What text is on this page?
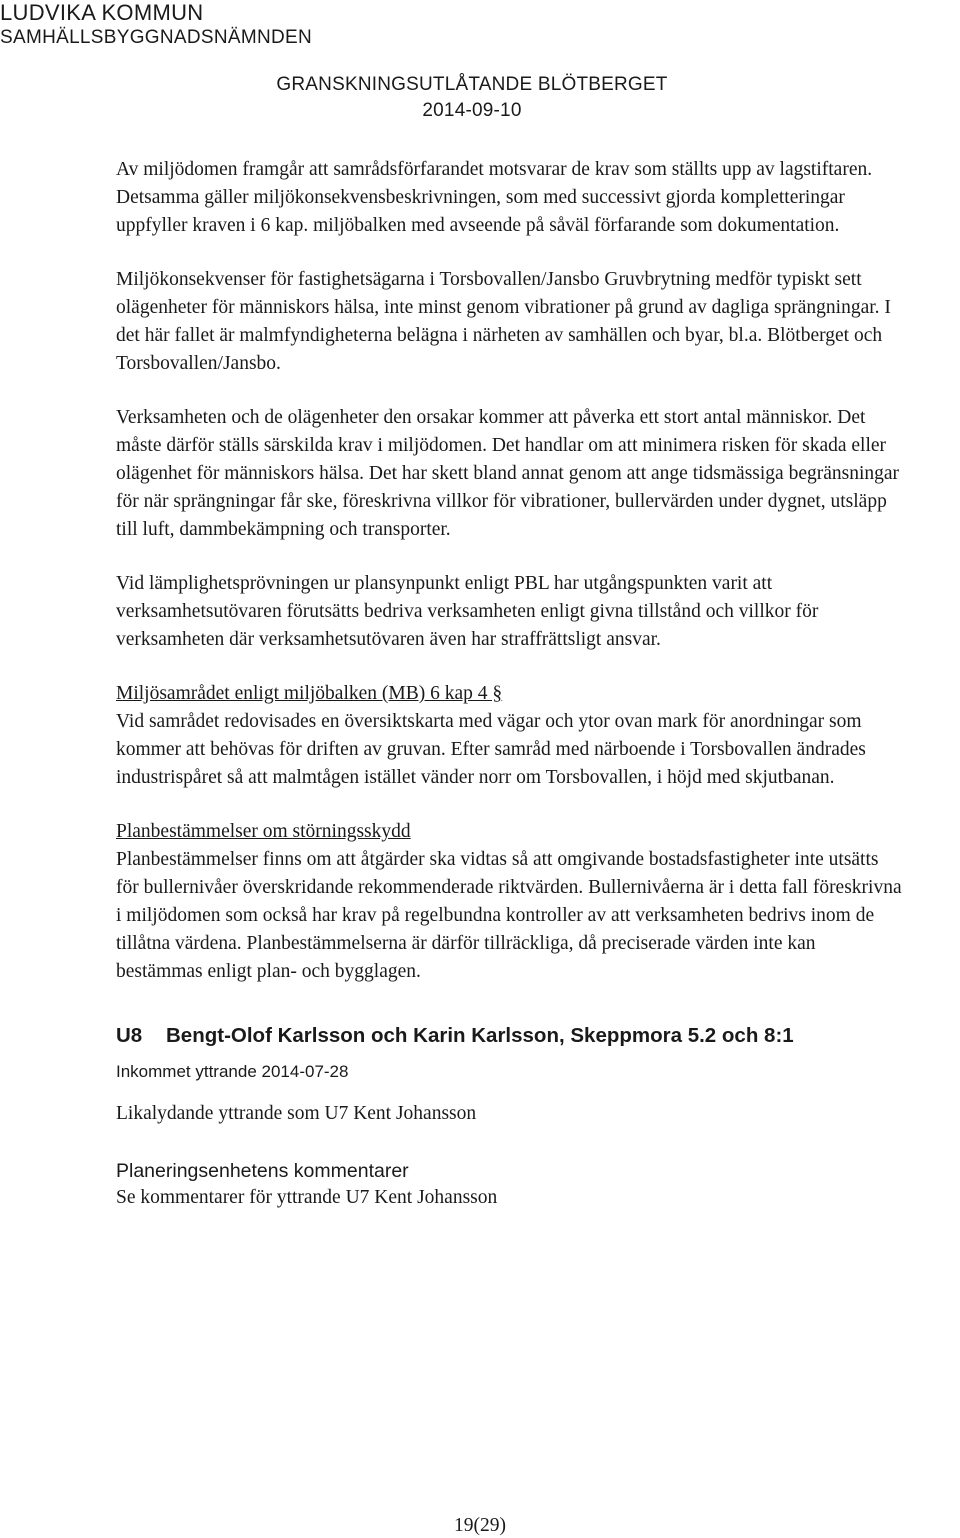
LUDVIKA KOMMUN
SAMHÄLLSBYGGNADSNÄMNDEN
GRANSKNINGSUTLÅTANDE BLÖTBERGET
2014-09-10

Av miljödomen framgår att samrådsförfarandet motsvarar de krav som ställts upp av lagstiftaren. Detsamma gäller miljökonsekvensbeskrivningen, som med successivt gjorda kompletteringar uppfyller kraven i 6 kap. miljöbalken med avseende på såväl förfarande som dokumentation.

Miljökonsekvenser för fastighetsägarna i Torsbovallen/Jansbo Gruvbrytning medför typiskt sett olägenheter för människors hälsa, inte minst genom vibrationer på grund av dagliga sprängningar. I det här fallet är malmfyndigheterna belägna i närheten av samhällen och byar, bl.a. Blötberget och Torsbovallen/Jansbo.

Verksamheten och de olägenheter den orsakar kommer att påverka ett stort antal människor. Det måste därför ställs särskilda krav i miljödomen. Det handlar om att minimera risken för skada eller olägenhet för människors hälsa. Det har skett bland annat genom att ange tidsmässiga begränsningar för när sprängningar får ske, föreskrivna villkor för vibrationer, bullervärden under dygnet, utsläpp till luft, dammbekämpning och transporter.

Vid lämplighetsprövningen ur plansynpunkt enligt PBL har utgångspunkten varit att verksamhetsutövaren förutsätts bedriva verksamheten enligt givna tillstånd och villkor för verksamheten där verksamhetsutövaren även har straffrättsligt ansvar.

Miljösamrådet enligt miljöbalken (MB) 6 kap 4 §

Vid samrådet redovisades en översiktskarta med vägar och ytor ovan mark för anordningar som kommer att behövas för driften av gruvan. Efter samråd med närboende i Torsbovallen ändrades industrispåret så att malmtågen istället vänder norr om Torsbovallen, i höjd med skjutbanan.

Planbestämmelser om störningsskydd

Planbestämmelser finns om att åtgärder ska vidtas så att omgivande bostadsfastigheter inte utsätts för bullernivåer överskridande rekommenderade riktvärden. Bullernivåerna är i detta fall föreskrivna i miljödomen som också har krav på regelbundna kontroller av att verksamheten bedrivs inom de tillåtna värdena. Planbestämmelserna är därför tillräckliga, då preciserade värden inte kan bestämmas enligt plan- och bygglagen.

U8 Bengt-Olof Karlsson och Karin Karlsson, Skeppmora 5.2 och 8:1
Inkommet yttrande 2014-07-28

Likalydande yttrande som U7 Kent Johansson

Planeringsenhetens kommentarer
Se kommentarer för yttrande U7 Kent Johansson
19(29)
